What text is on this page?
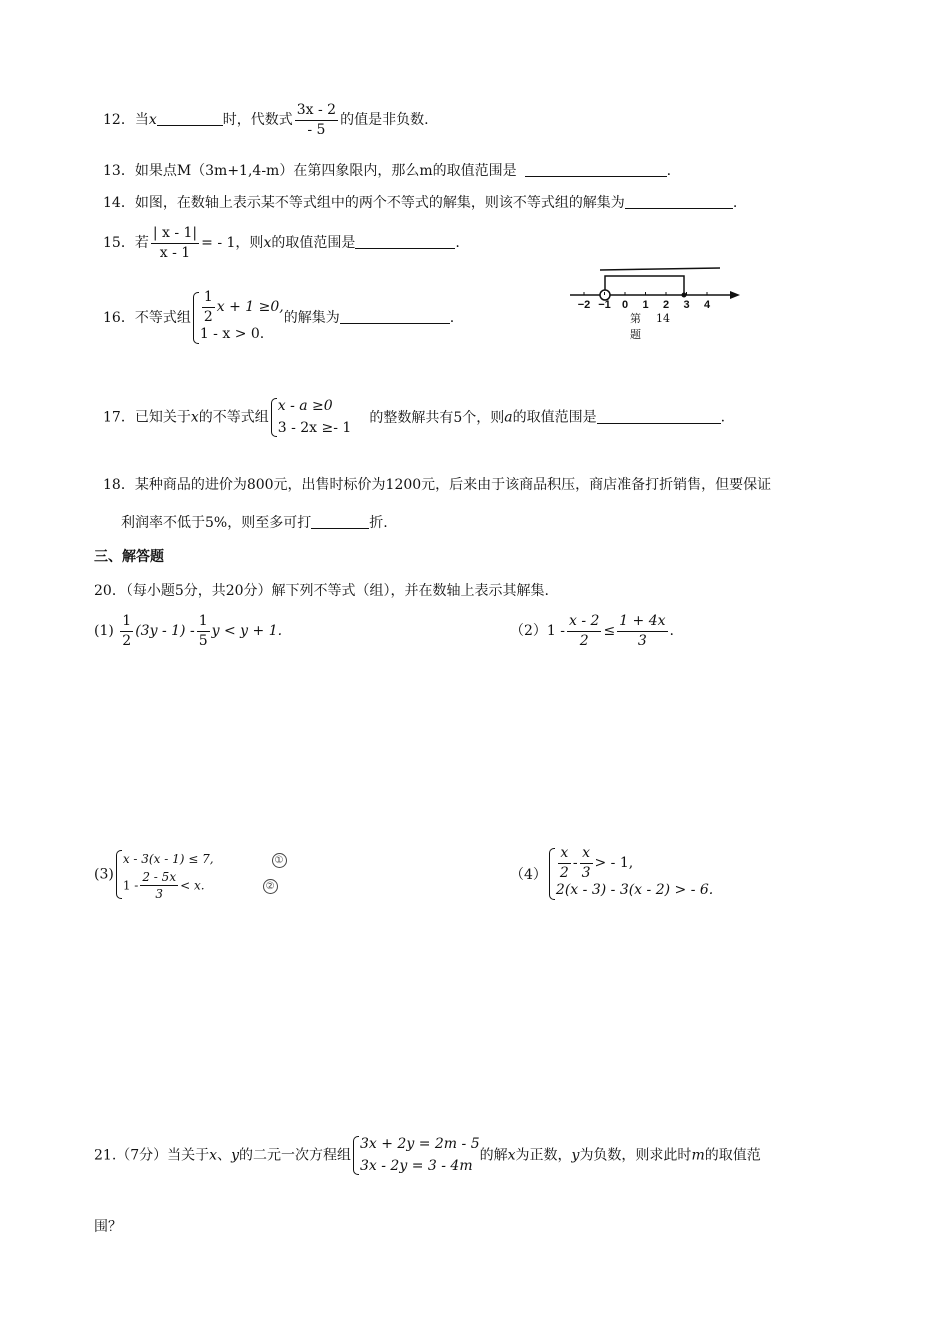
12．当x	时，代数式 $\frac{3x - 2}{- 5}$ 的值是非负数.
13．如果点M（3m+1,4-m）在第四象限内，那么m的取值范围是	.
14．如图，在数轴上表示某不等式组中的两个不等式的解集，则该不等式组的解集为	.
15．若 $\frac{| x - 1|}{x - 1}$ = - 1，则x的取值范围是	.
−2 −1 0 1 2 3 4
第 14
题
16．不等式组 $\frac{1}{2}$ x + 1 ≥0,
1 - x > 0.
的解集为	.
17．已知关于x的不等式组
x - a ≥0
3 - 2x ≥- 1
的整数解共有5个，则a的取值范围是	.
18．某种商品的进价为800元，出售时标价为1200元，后来由于该商品积压，商店准备打折销售，但要保证
利润率不低于5%，则至多可打	折.
三、解答题
20．（每小题5分，共20分）解下列不等式（组），并在数轴上表示其解集.
$(1) \frac{1}{2} (3y - 1) - \frac{1}{5}$ y < y + 1.	$(2)1 - \frac{x - 2}{2} \le \frac{1 + 4x}{3}$ .
(3)
x - 3(x - 1) ≤ 7,	①
$1 - \frac{2 - 5x}{3} < x$.	②
$(4) \frac{x}{2} - \frac{x}{3}$ > - 1,
2(x - 3) - 3(x - 2) > - 6.
21.（7分）当关于x、y的二元一次方程组
3x + 2y = 2m - 5
3x - 2y = 3 - 4m
的解x为正数，y为负数，则求此时m的取值范
围？
